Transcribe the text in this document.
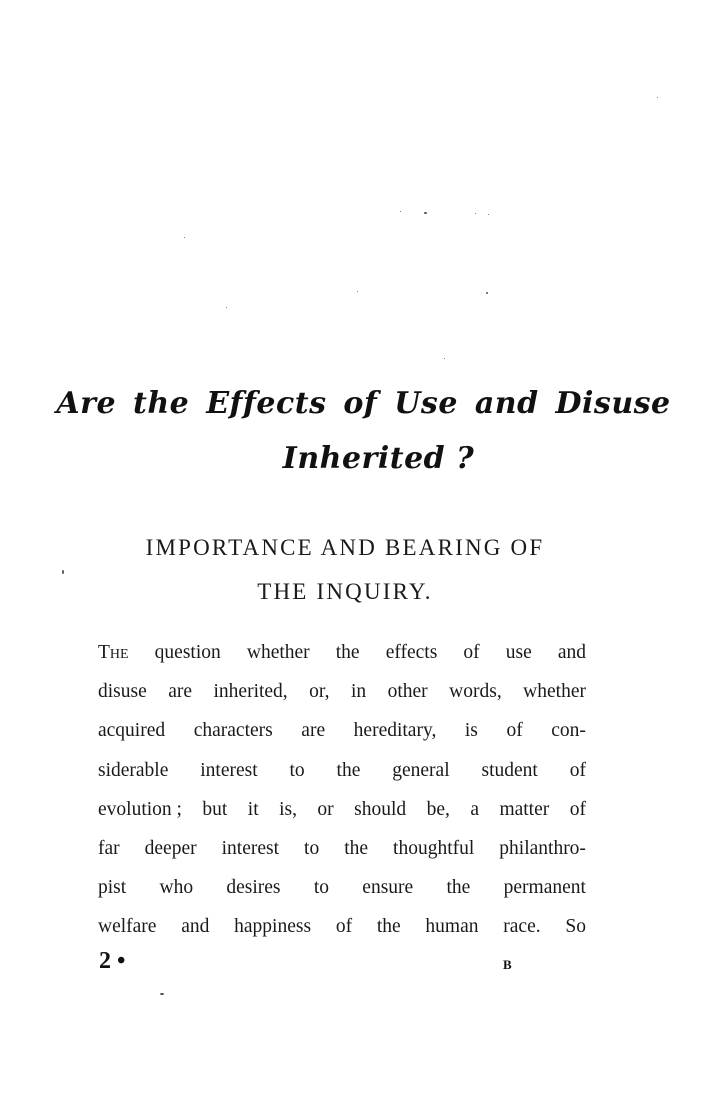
Are the Effects of Use and Disuse
Inherited ?
IMPORTANCE AND BEARING OF
THE INQUIRY.
The question whether the effects of use and
disuse are inherited, or, in other words, whether
acquired characters are hereditary, is of con-
siderable interest to the general student of
evolution ; but it is, or should be, a matter of
far deeper interest to the thoughtful philanthro-
pist who desires to ensure the permanent
welfare and happiness of the human race. So
2 •	B
